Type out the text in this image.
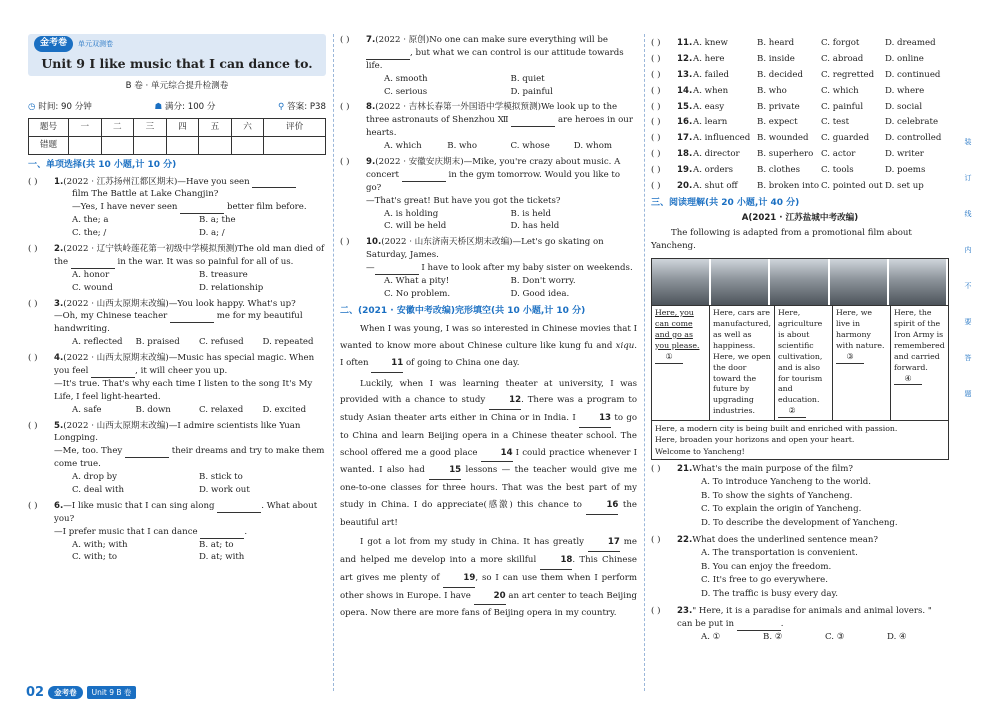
金考卷	单元双测卷
Unit 9 I like music that I can dance to.
B 卷 · 单元综合提升检测卷
◷ 时间: 90 分钟	☗ 满分: 100 分	⚲ 答案: P38
题号	一	二	三	四	五	六	评价
错题							
一、单项选择(共 10 小题,计 10 分)
( )	1.(2022 · 江苏扬州江都区期末)—Have you seen
film The Battle at Lake Changjin?
—Yes, I have never seen	better film before.
A. the; a	B. a; the
C. the; /	D. a; /
( )	2.(2022 · 辽宁铁岭莲花第一初级中学模拟预测)The old man died of the	in the war. It was so painful for all of us.
A. honor	B. treasure
C. wound	D. relationship
( )	3.(2022 · 山西太原期末改编)—You look happy. What's up?
—Oh, my Chinese teacher	me for my beautiful handwriting.
A. reflected	B. praised	C. refused	D. repeated
( )	4.(2022 · 山西太原期末改编)—Music has special magic. When you feel	, it will cheer you up.
—It's true. That's why each time I listen to the song It's My Life, I feel light-hearted.
A. safe	B. down	C. relaxed	D. excited
( )	5.(2022 · 山西太原期末改编)—I admire scientists like Yuan Longping.
—Me, too. They	their dreams and try to make them come true.
A. drop by	B. stick to
C. deal with	D. work out
( )	6.—I like music that I can sing along	. What about you?
—I prefer music that I can dance	.
A. with; with	B. at; to
C. with; to	D. at; with
( )	7.(2022 · 原创)No one can make sure everything will be
, but what we can control is our attitude towards life.
A. smooth	B. quiet
C. serious	D. painful
( )	8.(2022 · 吉林长春第一外国语中学模拟预测)We look up to the three astronauts of Shenzhou Ⅻ	are heroes in our hearts.
A. which	B. who	C. whose	D. whom
( )	9.(2022 · 安徽安庆期末)—Mike, you're crazy about music. A concert	in the gym tomorrow. Would you like to go?
—That's great! But have you got the tickets?
A. is holding	B. is held
C. will be held	D. has held
( )	10.(2022 · 山东济南天桥区期末改编)—Let's go skating on Saturday, James.
—	I have to look after my baby sister on weekends.
A. What a pity!	B. Don't worry.
C. No problem.	D. Good idea.
二、(2021 · 安徽中考改编)完形填空(共 10 小题,计 10 分)
When I was young, I was so interested in Chinese movies that I wanted to know more about Chinese culture like kung fu and xiqu. I often 11 of going to China one day.
Luckily, when I was learning theater at university, I was provided with a chance to study 12. There was a program to study Asian theater arts either in China or in India. I 13 to go to China and learn Beijing opera in a Chinese theater school. The school offered me a good place 14 I could practice whenever I wanted. I also had 15 lessons — the teacher would give me one-to-one classes for three hours. That was the best part of my study in China. I do appreciate(感激) this chance to 16 the beautiful art!
I got a lot from my study in China. It has greatly 17 me and helped me develop into a more skillful 18. This Chinese art gives me plenty of 19, so I can use them when I perform other shows in Europe. I have 20 an art center to teach Beijing opera. Now there are more fans of Beijing opera in my country.
( )	11. A. knew	B. heard	C. forgot	D. dreamed
( )	12. A. here	B. inside	C. abroad	D. online
( )	13. A. failed	B. decided	C. regretted	D. continued
( )	14. A. when	B. who	C. which	D. where
( )	15. A. easy	B. private	C. painful	D. social
( )	16. A. learn	B. expect	C. test	D. celebrate
( )	17. A. influenced B. wounded	C. guarded	D. controlled
( )	18. A. director	B. superhero C. actor	D. writer
( )	19. A. orders	B. clothes	C. tools	D. poems
( )	20. A. shut off	B. broken into C. pointed out D. set up
三、阅读理解(共 20 小题,计 40 分)
A(2021 · 江苏盐城中考改编)
The following is adapted from a promotional film about Yancheng.
Here, you can come and go as you please.
①
Here, cars are manufactured, as well as happiness. Here, we open the door toward the future by upgrading industries.
Here, agriculture is about scientific cultivation, and is also for tourism and education.
②
Here, we live in harmony with nature.
③
Here, the spirit of the Iron Army is remembered and carried forward.
④
Here, a modern city is being built and enriched with passion.
Here, broaden your horizons and open your heart.
Welcome to Yancheng!
( )	21.What's the main purpose of the film?
A. To introduce Yancheng to the world.
B. To show the sights of Yancheng.
C. To explain the origin of Yancheng.
D. To describe the development of Yancheng.
( )	22.What does the underlined sentence mean?
A. The transportation is convenient.
B. You can enjoy the freedom.
C. It's free to go everywhere.
D. The traffic is busy every day.
( )	23." Here, it is a paradise for animals and animal lovers. " can be put in	.
A. ①	B. ②	C. ③	D. ④
装
订
线
内
不
要
答
题
02	金考卷	Unit 9 B 卷
